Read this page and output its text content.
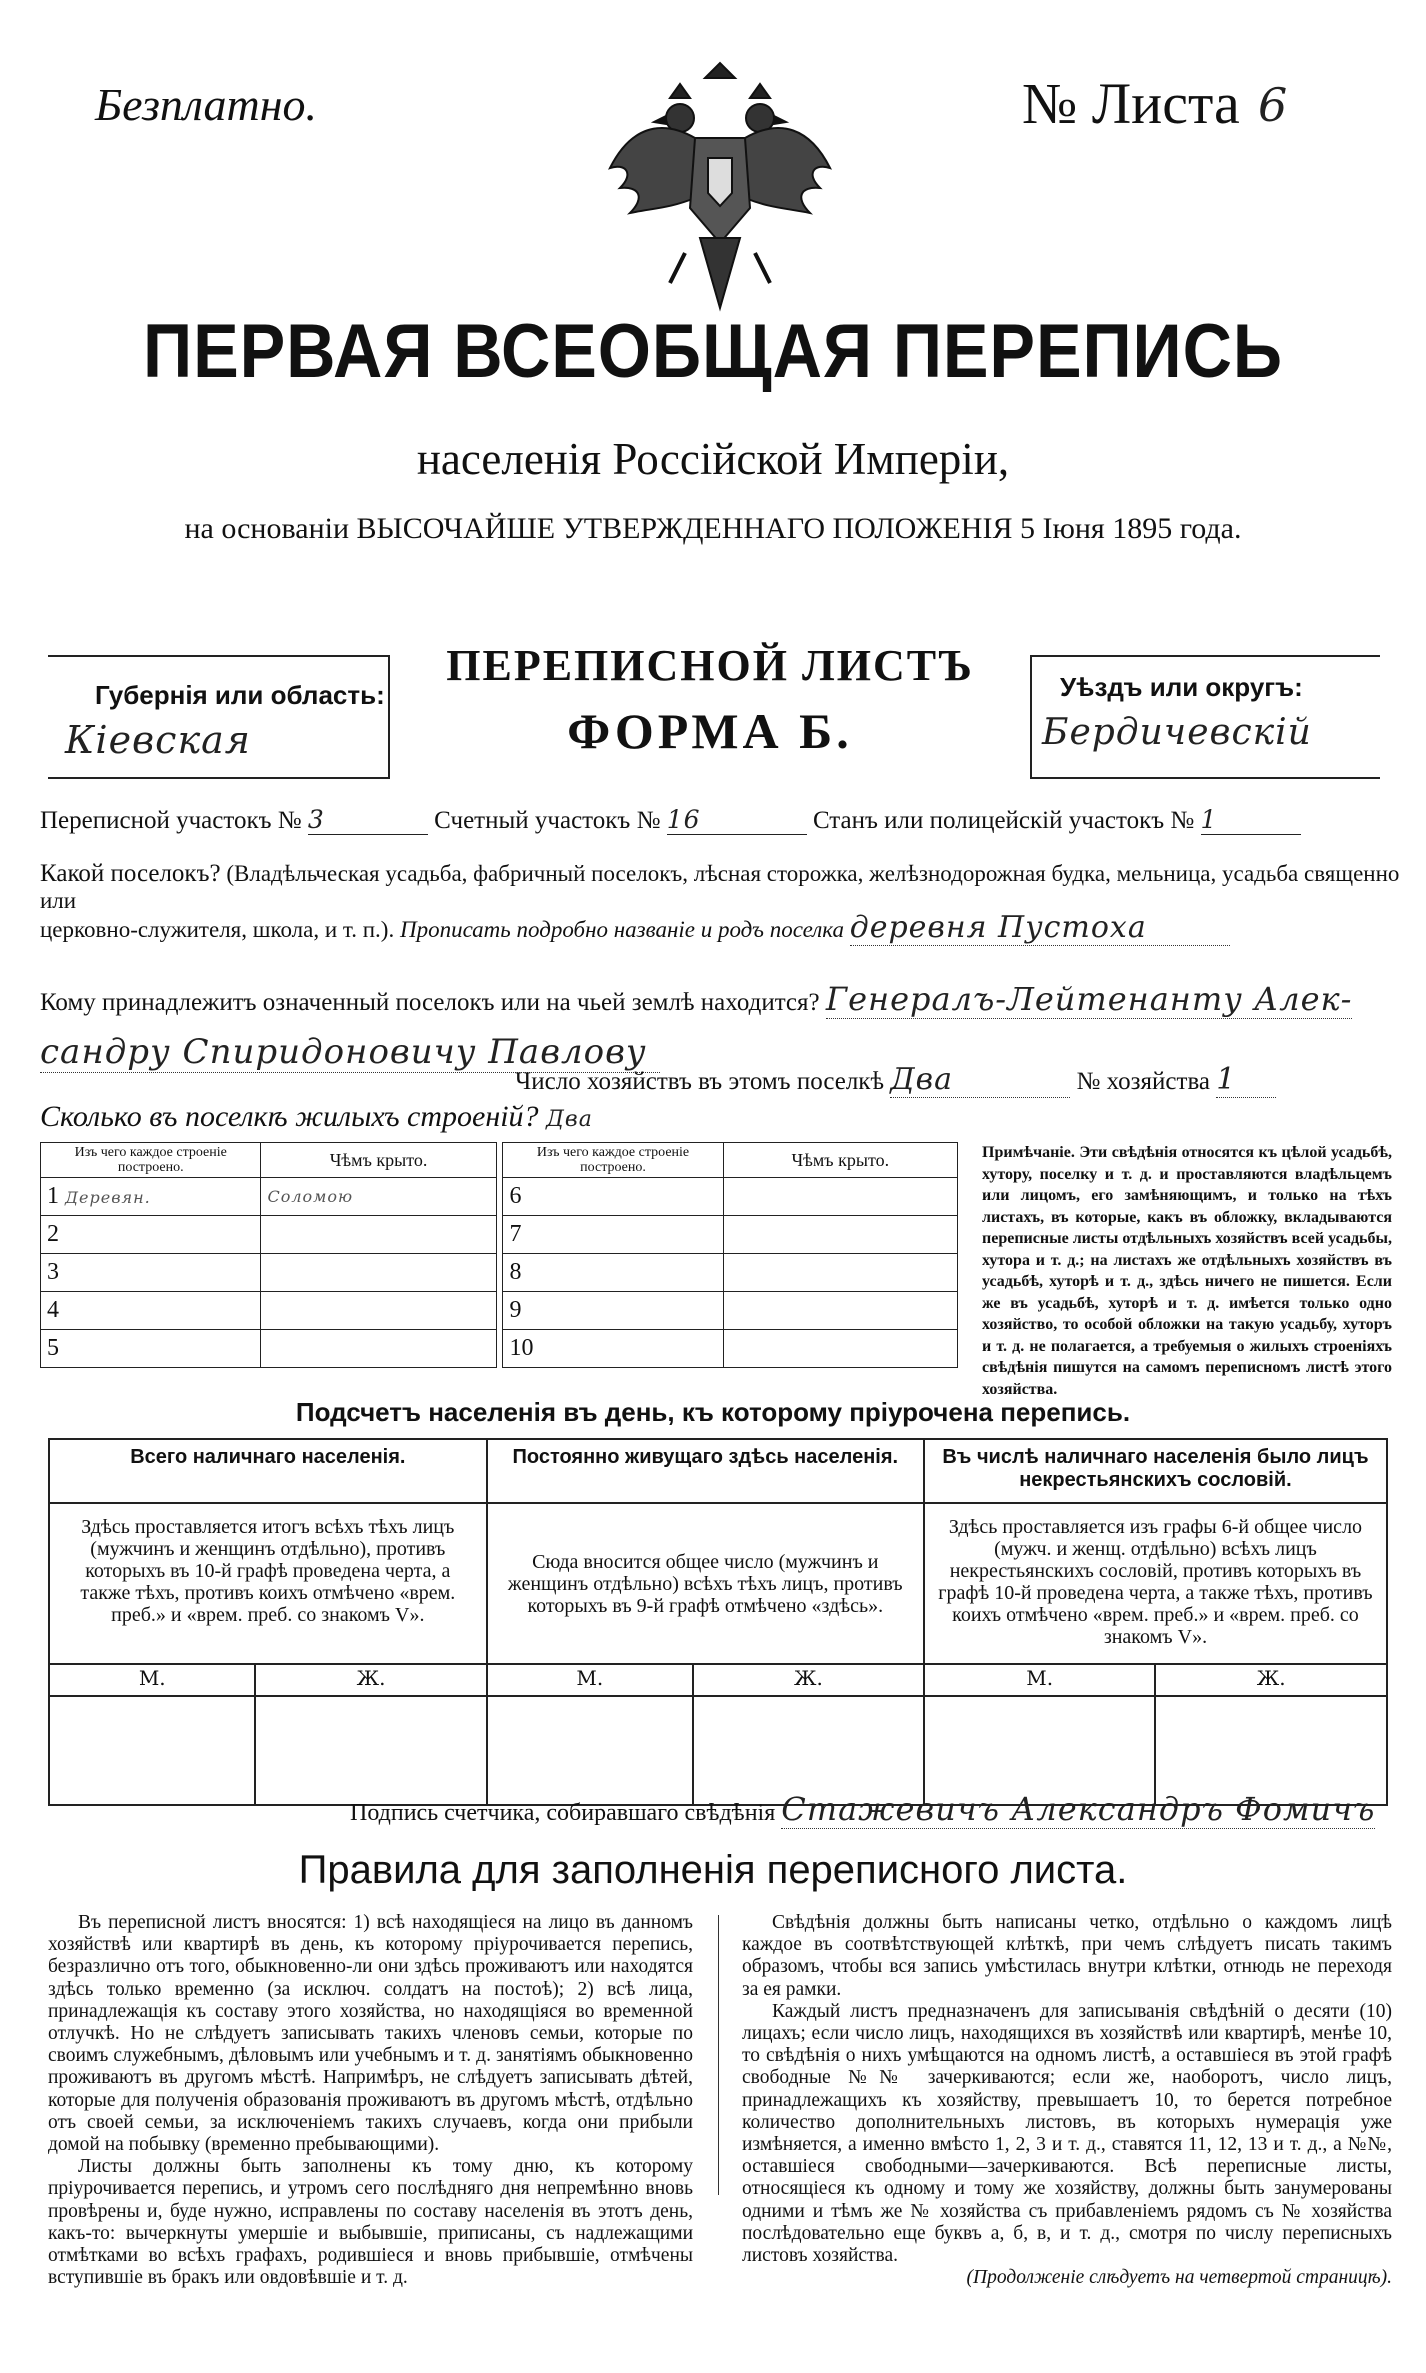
Безплатно.	№ Листа 6
ПЕРВАЯ ВСЕОБЩАЯ ПЕРЕПИСЬ
населенія Россійской Имперіи,
на основаніи ВЫСОЧАЙШЕ УТВЕРЖДЕННАГО ПОЛОЖЕНІЯ 5 Іюня 1895 года.
Губернія или область:
Кіевская
ПЕРЕПИСНОЙ ЛИСТЪ
ФОРМА Б.
Уѣздъ или округъ:
Бердичевскій
Переписной участокъ № 3	Счетный участокъ № 16	Станъ или полицейскій участокъ № 1
Какой поселокъ? (Владѣльческая усадьба, фабричный поселокъ, лѣсная сторожка, желѣзнодорожная будка, мельница, усадьба священно или
церковно-служителя, школа, и т. п.). Прописать подробно названіе и родъ поселка деревня Пустоха
Кому принадлежитъ означенный поселокъ или на чьей землѣ находится? Генералъ-Лейтенанту Алек-
сандру Спиридоновичу Павлову
Число хозяйствъ въ этомъ поселкѣ Два	№ хозяйства 1
Сколько въ поселкѣ жилыхъ строеній? Два
Изъ чего каждое строеніе построено.	Чѣмъ крыто.		Изъ чего каждое строеніе построено.	Чѣмъ крыто.
1 Деревян.	Соломою		6	
2			7	
3			8	
4			9	
5			10	
Примѣчаніе. Эти свѣдѣнія относятся къ цѣлой усадьбѣ, хутору, поселку и т. д. и проставляются владѣльцемъ или лицомъ, его замѣняющимъ, и только на тѣхъ листахъ, въ которые, какъ въ обложку, вкладываются переписные листы отдѣльныхъ хозяйствъ всей усадьбы, хутора и т. д.; на листахъ же отдѣльныхъ хозяйствъ въ усадьбѣ, хуторѣ и т. д., здѣсь ничего не пишется. Если же въ усадьбѣ, хуторѣ и т. д. имѣется только одно хозяйство, то особой обложки на такую усадьбу, хуторъ и т. д. не полагается, а требуемыя о жилыхъ строеніяхъ свѣдѣнія пишутся на самомъ переписномъ листѣ этого хозяйства.
Подсчетъ населенія въ день, къ которому пріурочена перепись.
Всего наличнаго населенія.		Постоянно живущаго здѣсь населенія.		Въ числѣ наличнаго населенія было лицъ некрестьянскихъ сословій.	
Здѣсь проставляется итогъ всѣхъ тѣхъ лицъ (мужчинъ и женщинъ отдѣльно), противъ которыхъ въ 10-й графѣ проведена черта, а также тѣхъ, противъ коихъ отмѣчено «врем. преб.» и «врем. преб. со знакомъ V».		Сюда вносится общее число (мужчинъ и женщинъ отдѣльно) всѣхъ тѣхъ лицъ, противъ которыхъ въ 9-й графѣ отмѣчено «здѣсь».		Здѣсь проставляется изъ графы 6-й общее число (мужч. и женщ. отдѣльно) всѣхъ лицъ некрестьянскихъ сословій, противъ которыхъ въ графѣ 10-й проведена черта, а также тѣхъ, противъ коихъ отмѣчено «врем. преб.» и «врем. преб. со знакомъ V».	
М.	Ж.	М.	Ж.	М.	Ж.

Подпись счетчика, собиравшаго свѣдѣнія Стажевичъ Александръ Фомичъ
Правила для заполненія переписного листа.

Въ переписной листъ вносятся: 1) всѣ находящіеся на лицо въ данномъ хозяйствѣ или квартирѣ въ день, къ которому пріурочивается перепись, безразлично отъ того, обыкновенно-ли они здѣсь проживаютъ или находятся здѣсь только временно (за исключ. солдатъ на постоѣ); 2) всѣ лица, принадлежащія къ составу этого хозяйства, но находящіяся во временной отлучкѣ. Но не слѣдуетъ записывать такихъ членовъ семьи, которые по своимъ служебнымъ, дѣловымъ или учебнымъ и т. д. занятіямъ обыкновенно проживаютъ въ другомъ мѣстѣ. Напримѣръ, не слѣдуетъ записывать дѣтей, которые для полученія образованія проживаютъ въ другомъ мѣстѣ, отдѣльно отъ своей семьи, за исключеніемъ такихъ случаевъ, когда они прибыли домой на побывку (временно пребывающими).

Листы должны быть заполнены къ тому дню, къ которому пріурочивается перепись, и утромъ сего послѣдняго дня непремѣнно вновь провѣрены и, буде нужно, исправлены по составу населенія въ этотъ день, какъ-то: вычеркнуты умершіе и выбывшіе, приписаны, съ надлежащими отмѣтками во всѣхъ графахъ, родившіеся и вновь прибывшіе, отмѣчены вступившіе въ бракъ или овдовѣвшіе и т. д.

Свѣдѣнія должны быть написаны четко, отдѣльно о каждомъ лицѣ каждое въ соотвѣтствующей клѣткѣ, при чемъ слѣдуетъ писать такимъ образомъ, чтобы вся запись умѣстилась внутри клѣтки, отнюдь не переходя за ея рамки.

Каждый листъ предназначенъ для записыванія свѣдѣній о десяти (10) лицахъ; если число лицъ, находящихся въ хозяйствѣ или квартирѣ, менѣе 10, то свѣдѣнія о нихъ умѣщаются на одномъ листѣ, а оставшіеся въ этой графѣ свободные №№ зачеркиваются; если же, наоборотъ, число лицъ, принадлежащихъ къ хозяйству, превышаетъ 10, то берется потребное количество дополнительныхъ листовъ, въ которыхъ нумерація уже измѣняется, а именно вмѣсто 1, 2, 3 и т. д., ставятся 11, 12, 13 и т. д., а №№, оставшіеся свободными—зачеркиваются. Всѣ переписные листы, относящіеся къ одному и тому же хозяйству, должны быть занумерованы одними и тѣмъ же № хозяйства съ прибавленіемъ рядомъ съ № хозяйства послѣдовательно еще буквъ а, б, в, и т. д., смотря по числу переписныхъ листовъ хозяйства.

(Продолженіе слѣдуетъ на четвертой страницѣ).
